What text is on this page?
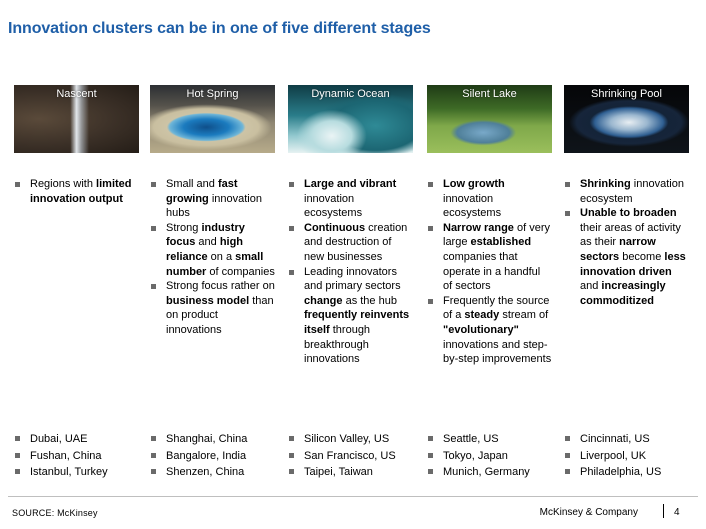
Innovation clusters can be in one of five different stages
Nascent
Regions with limited innovation output
Dubai, UAE
Fushan, China
Istanbul, Turkey
Hot Spring
Small and fast growing innovation hubs
Strong industry focus and high reliance on a small number of companies
Strong focus rather on business model than on product innovations
Shanghai, China
Bangalore, India
Shenzen, China
Dynamic Ocean
Large and vibrant innovation ecosystems
Continuous creation and destruction of new businesses
Leading innovators and primary sectors change as the hub frequently reinvents itself through breakthrough innovations
Silicon Valley, US
San Francisco, US
Taipei, Taiwan
Silent Lake
Low growth innovation ecosystems
Narrow range of very large established companies that operate in a handful of sectors
Frequently the source of a steady stream of "evolutionary" innovations and step-by-step improvements
Seattle, US
Tokyo, Japan
Munich, Germany
Shrinking Pool
Shrinking innovation ecosystem
Unable to broaden their areas of activity as their narrow sectors become less innovation driven and increasingly commoditized
Cincinnati, US
Liverpool, UK
Philadelphia, US
SOURCE: McKinsey	McKinsey & Company	4
